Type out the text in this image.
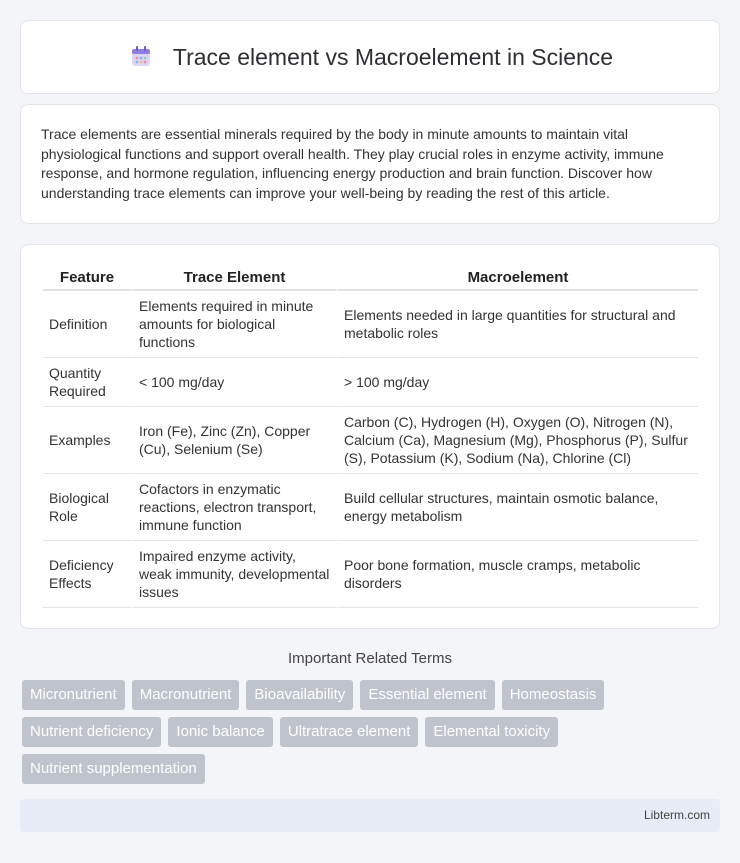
Trace element vs Macroelement in Science

Trace elements are essential minerals required by the body in minute amounts to maintain vital physiological functions and support overall health. They play crucial roles in enzyme activity, immune response, and hormone regulation, influencing energy production and brain function. Discover how understanding trace elements can improve your well-being by reading the rest of this article.

Feature	Trace Element	Macroelement
Definition	Elements required in minute amounts for biological functions	Elements needed in large quantities for structural and metabolic roles
Quantity Required	< 100 mg/day	> 100 mg/day
Examples	Iron (Fe), Zinc (Zn), Copper (Cu), Selenium (Se)	Carbon (C), Hydrogen (H), Oxygen (O), Nitrogen (N), Calcium (Ca), Magnesium (Mg), Phosphorus (P), Sulfur (S), Potassium (K), Sodium (Na), Chlorine (Cl)
Biological Role	Cofactors in enzymatic reactions, electron transport, immune function	Build cellular structures, maintain osmotic balance, energy metabolism
Deficiency Effects	Impaired enzyme activity, weak immunity, developmental issues	Poor bone formation, muscle cramps, metabolic disorders
Important Related Terms
Micronutrient	Macronutrient	Bioavailability	Essential element	Homeostasis
Nutrient deficiency	Ionic balance	Ultratrace element	Elemental toxicity
Nutrient supplementation
Libterm.com
